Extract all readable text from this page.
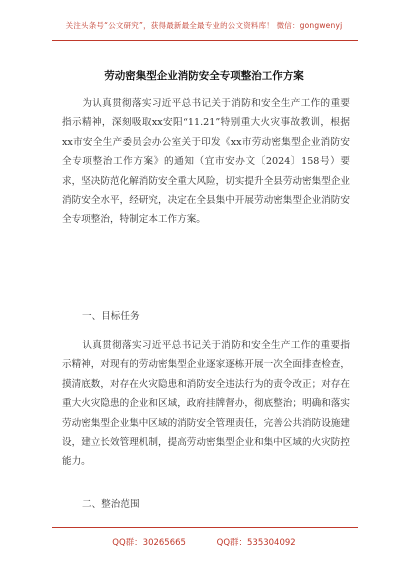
关注头条号“公文研究”，获得最新最全最专业的公文资料库！ 微信：gongwenyj
劳动密集型企业消防安全专项整治工作方案
为认真贯彻落实习近平总书记关于消防和安全生产工作的重要指示精神，深刻吸取xx安阳“11.21”特别重大火灾事故教训，根据xx市安全生产委员会办公室关于印发《xx市劳动密集型企业消防安全专项整治工作方案》的通知（宜市安办文〔2024〕158号）要求，坚决防范化解消防安全重大风险，切实提升全县劳动密集型企业消防安全水平，经研究，决定在全县集中开展劳动密集型企业消防安全专项整治，特制定本工作方案。
一、目标任务
认真贯彻落实习近平总书记关于消防和安全生产工作的重要指示精神，对现有的劳动密集型企业逐家逐栋开展一次全面排查检查，摸清底数，对存在火灾隐患和消防安全违法行为的责令改正；对存在重大火灾隐患的企业和区域，政府挂牌督办，彻底整治；明确和落实劳动密集型企业集中区域的消防安全管理责任，完善公共消防设施建设，建立长效管理机制，提高劳动密集型企业和集中区域的火灾防控能力。
二、整治范围
QQ群：30265665	QQ群：535304092
